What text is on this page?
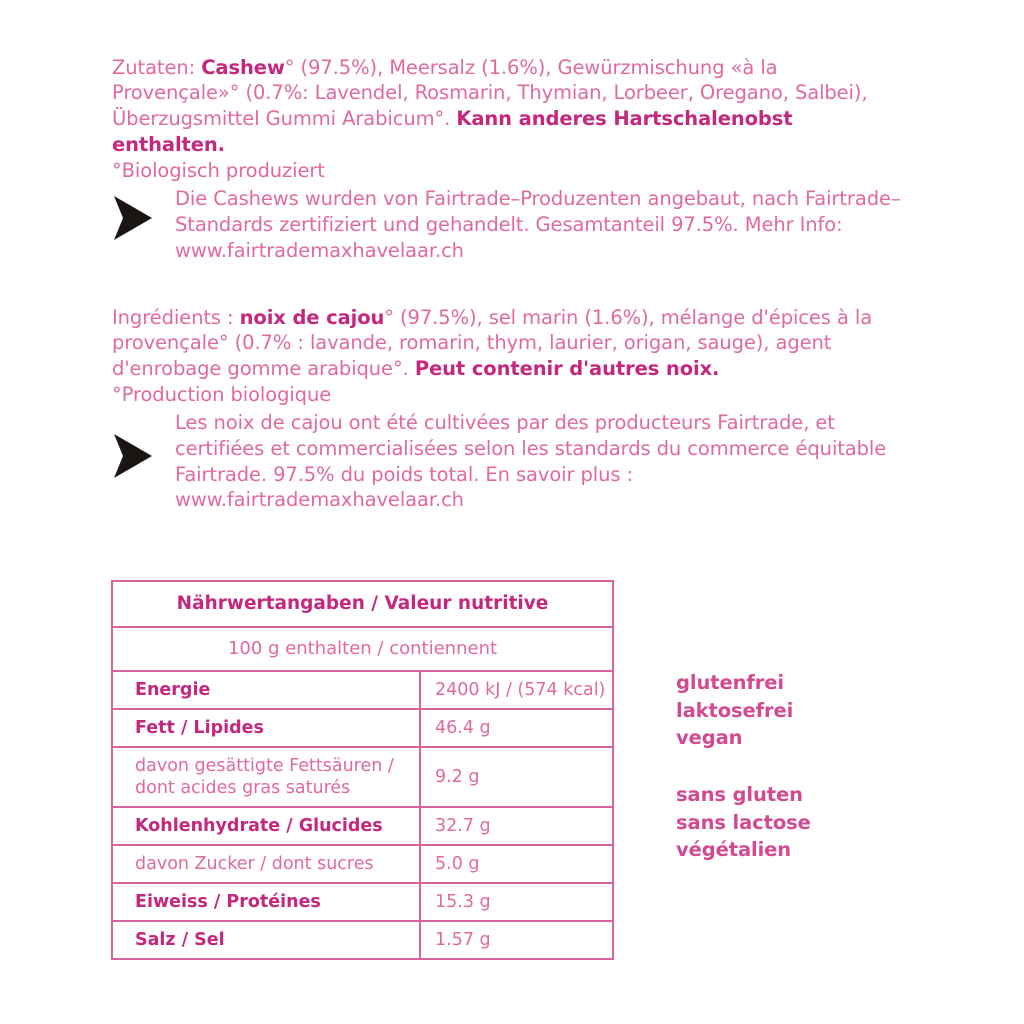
Zutaten: Cashew° (97.5%), Meersalz (1.6%), Gewürzmischung «à la Provençale»° (0.7%: Lavendel, Rosmarin, Thymian, Lorbeer, Oregano, Salbei), Überzugsmittel Gummi Arabicum°. Kann anderes Hartschalenobst enthalten.

°Biologisch produziert

Die Cashews wurden von Fairtrade–Produzenten angebaut, nach Fairtrade–Standards zertifiziert und gehandelt. Gesamtanteil 97.5%. Mehr Info: www.fairtrademaxhavelaar.ch

Ingrédients : noix de cajou° (97.5%), sel marin (1.6%), mélange d'épices à la provençale° (0.7% : lavande, romarin, thym, laurier, origan, sauge), agent d'enrobage gomme arabique°. Peut contenir d'autres noix.

°Production biologique

Les noix de cajou ont été cultivées par des producteurs Fairtrade, et certifiées et commercialisées selon les standards du commerce équitable Fairtrade. 97.5% du poids total. En savoir plus : www.fairtrademaxhavelaar.ch
Nährwertangaben / Valeur nutritive	
100 g enthalten / contiennent	
Energie	2400 kJ / (574 kcal)
Fett / Lipides	46.4 g
davon gesättigte Fettsäuren / dont acides gras saturés	9.2 g
Kohlenhydrate / Glucides	32.7 g
davon Zucker / dont sucres	5.0 g
Eiweiss / Protéines	15.3 g
Salz / Sel	1.57 g
glutenfrei
laktosefrei
vegan
sans gluten
sans lactose
végétalien
